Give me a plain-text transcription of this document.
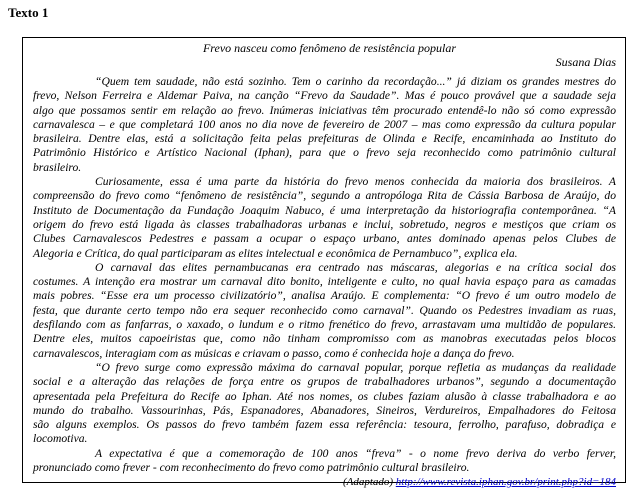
Texto 1
Frevo nasceu como fenômeno de resistência popular
Susana Dias
“Quem tem saudade, não está sozinho. Tem o carinho da recordação...” já diziam os grandes mestres do
frevo, Nelson Ferreira e Aldemar Paiva, na canção “Frevo da Saudade”. Mas é pouco provável que a saudade seja
algo que possamos sentir em relação ao frevo. Inúmeras iniciativas têm procurado entendê-lo não só como expressão
carnavalesca – e que completará 100 anos no dia nove de fevereiro de 2007 – mas como expressão da cultura popular
brasileira. Dentre elas, está a solicitação feita pelas prefeituras de Olinda e Recife, encaminhada ao Instituto do
Patrimônio Histórico e Artístico Nacional (Iphan), para que o frevo seja reconhecido como patrimônio cultural
brasileiro.
Curiosamente, essa é uma parte da história do frevo menos conhecida da maioria dos brasileiros. A
compreensão do frevo como “fenômeno de resistência”, segundo a antropóloga Rita de Cássia Barbosa de Araújo, do
Instituto de Documentação da Fundação Joaquim Nabuco, é uma interpretação da historiografia contemporânea. “A
origem do frevo está ligada às classes trabalhadoras urbanas e inclui, sobretudo, negros e mestiços que criam os
Clubes Carnavalescos Pedestres e passam a ocupar o espaço urbano, antes dominado apenas pelos Clubes de
Alegoria e Crítica, do qual participaram as elites intelectual e econômica de Pernambuco”, explica ela.
O carnaval das elites pernambucanas era centrado nas máscaras, alegorias e na crítica social dos
costumes. A intenção era mostrar um carnaval dito bonito, inteligente e culto, no qual havia espaço para as camadas
mais pobres. “Esse era um processo civilizatório”, analisa Araújo. E complementa: “O frevo é um outro modelo de
festa, que durante certo tempo não era sequer reconhecido como carnaval”. Quando os Pedestres invadiam as ruas,
desfilando com as fanfarras, o xaxado, o lundum e o ritmo frenético do frevo, arrastavam uma multidão de populares.
Dentre eles, muitos capoeiristas que, como não tinham compromisso com as manobras executadas pelos blocos
carnavalescos, interagiam com as músicas e criavam o passo, como é conhecida hoje a dança do frevo.
“O frevo surge como expressão máxima do carnaval popular, porque refletia as mudanças da realidade
social e a alteração das relações de força entre os grupos de trabalhadores urbanos”, segundo a documentação
apresentada pela Prefeitura do Recife ao Iphan. Até nos nomes, os clubes faziam alusão à classe trabalhadora e ao
mundo do trabalho. Vassourinhas, Pás, Espanadores, Abanadores, Sineiros, Verdureiros, Empalhadores do Feitosa
são alguns exemplos. Os passos do frevo também fazem essa referência: tesoura, ferrolho, parafuso, dobradiça e
locomotiva.
A expectativa é que a comemoração de 100 anos “freva” - o nome frevo deriva do verbo ferver,
pronunciado como frever - com reconhecimento do frevo como patrimônio cultural brasileiro.
(Adaptado) http://www.revista.iphan.gov.br/print.php?id=184
